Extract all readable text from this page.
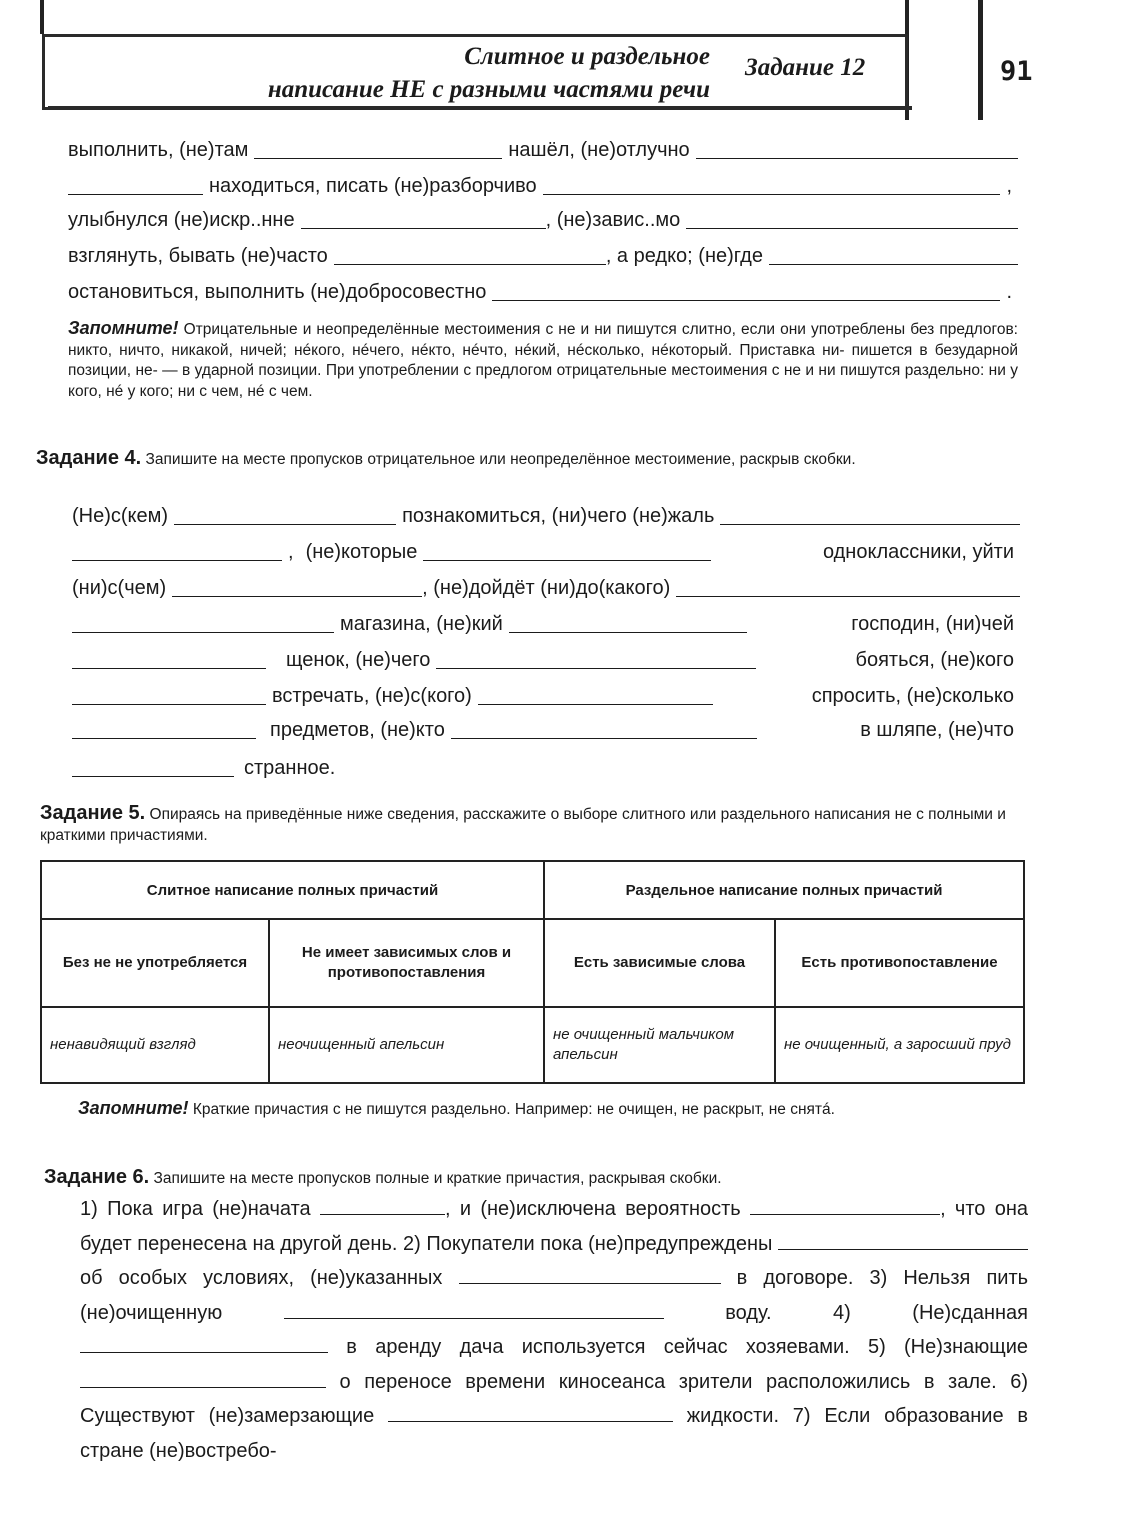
Слитное и раздельное
написание НЕ с разными частями речи
Задание 12	91
выполнить, (не)там	нашёл, (не)отлучно
находиться, писать (не)разборчиво	,
улыбнулся (не)искр..нне	, (не)завис..мо
взглянуть, бывать (не)часто	, а редко; (не)где
остановиться, выполнить (не)добросовестно	.
Запомните! Отрицательные и неопределённые местоимения с не и ни пишутся слитно, если они употреблены без предлогов: никто, ничто, никакой, ничей; нéкого, нéчего, нéкто, нéчто, нéкий, нéсколько, нéкоторый. Приставка ни- пишется в безударной позиции, не- — в ударной позиции. При употреблении с предлогом отрицательные местоимения с не и ни пишутся раздельно: ни у кого, нé у кого; ни с чем, нé с чем.
Задание 4. Запишите на месте пропусков отрицательное или неопределённое местоимение, раскрыв скобки.
(Не)с(кем)	познакомиться, (ни)чего (не)жаль
, (не)которые	одноклассники, уйти
(ни)с(чем)	, (не)дойдёт (ни)до(какого)
магазина, (не)кий	господин, (ни)чей
щенок, (не)чего	бояться, (не)кого
встречать, (не)с(кого)	спросить, (не)сколько
предметов, (не)кто	в шляпе, (не)что
странное.
Задание 5. Опираясь на приведённые ниже сведения, расскажите о выборе слитного или раздельного написания не с полными и краткими причастиями.
Слитное написание полных причастий		Раздельное написание полных причастий	
Без не не употребляется	Не имеет зависимых слов и противопоставления	Есть зависимые слова	Есть противопоставление
ненавидящий взгляд	неочищенный апельсин	не очищенный мальчиком апельсин	не очищенный, а заросший пруд
Запомните! Краткие причастия с не пишутся раздельно. Например: не очищен, не раскрыт, не снятá.
Задание 6. Запишите на месте пропусков полные и краткие причастия, раскрывая скобки.

1) Пока игра (не)начата	, и (не)исключена вероятность	, что она будет перенесена на другой день. 2) Покупатели пока (не)предупреждены  об особых условиях, (не)указанных	в договоре. 3) Нельзя пить (не)очищенную	воду. 4) (Не)сданная  в аренду дача используется сейчас хозяевами. 5) (Не)знающие  о переносе времени киносеанса зрители расположились в зале. 6) Существуют (не)замерзающие	жидкости. 7) Если образование в стране (не)востребо-
